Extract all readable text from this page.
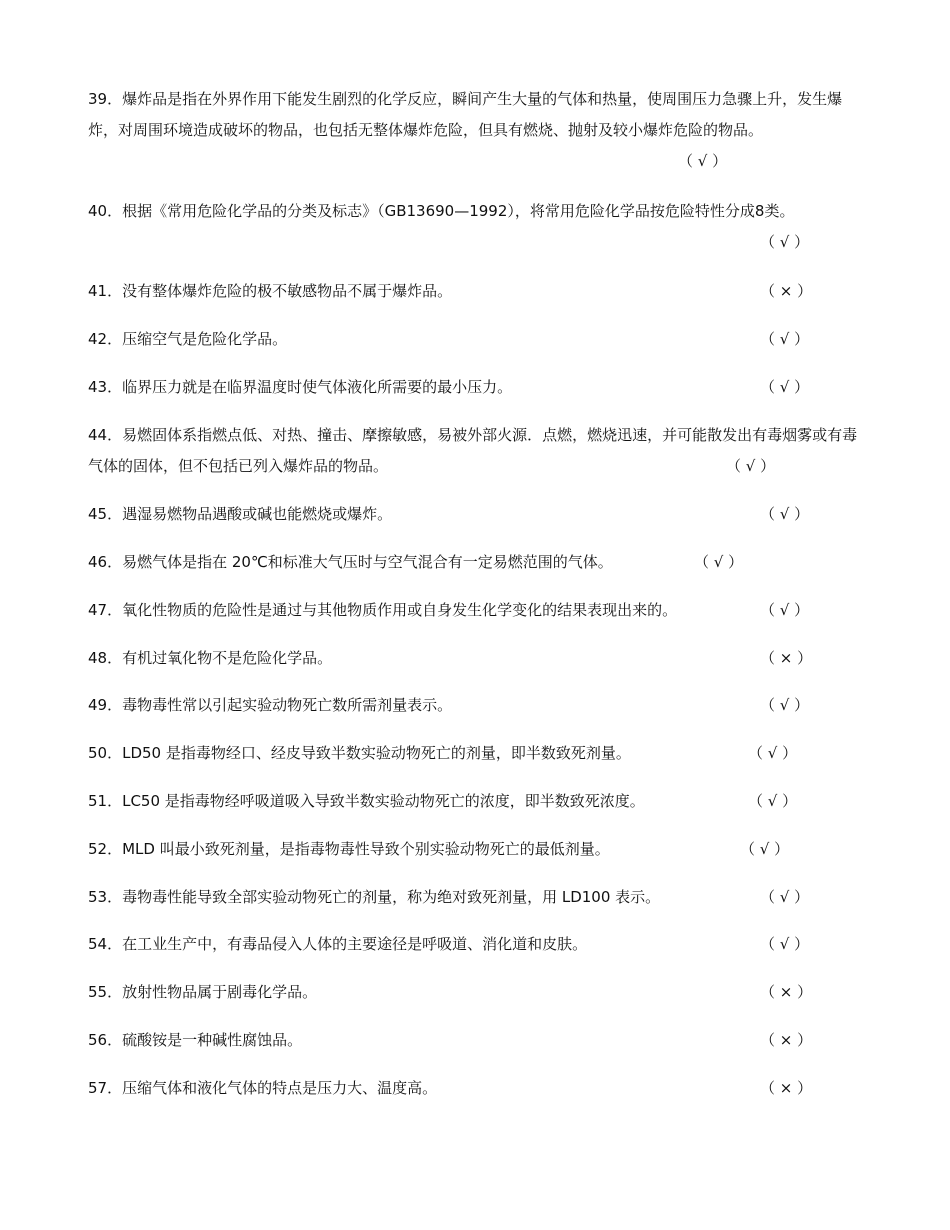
39．爆炸品是指在外界作用下能发生剧烈的化学反应，瞬间产生大量的气体和热量，使周围压力急骤上升，发生爆炸，对周围环境造成破坏的物品，也包括无整体爆炸危险，但具有燃烧、抛射及较小爆炸危险的物品。
（ √ ）
40．根据《常用危险化学品的分类及标志》（GB13690—1992），将常用危险化学品按危险特性分成8类。
（ √ ）
41．没有整体爆炸危险的极不敏感物品不属于爆炸品。	（ × ）
42．压缩空气是危险化学品。	（ √ ）
43．临界压力就是在临界温度时使气体液化所需要的最小压力。	（ √ ）
44．易燃固体系指燃点低、对热、撞击、摩擦敏感，易被外部火源．点燃，燃烧迅速，并可能散发出有毒烟雾或有毒气体的固体，但不包括已列入爆炸品的物品。	（ √ ）
45．遇湿易燃物品遇酸或碱也能燃烧或爆炸。	（ √ ）
46．易燃气体是指在 20℃和标准大气压时与空气混合有一定易燃范围的气体。	（ √ ）
47．氧化性物质的危险性是通过与其他物质作用或自身发生化学变化的结果表现出来的。	（ √ ）
48．有机过氧化物不是危险化学品。	（ × ）
49．毒物毒性常以引起实验动物死亡数所需剂量表示。	（ √ ）
50．LD50 是指毒物经口、经皮导致半数实验动物死亡的剂量，即半数致死剂量。	（ √ ）
51．LC50 是指毒物经呼吸道吸入导致半数实验动物死亡的浓度，即半数致死浓度。	（ √ ）
52．MLD 叫最小致死剂量，是指毒物毒性导致个别实验动物死亡的最低剂量。	（ √ ）
53．毒物毒性能导致全部实验动物死亡的剂量，称为绝对致死剂量，用 LD100 表示。	（ √ ）
54．在工业生产中，有毒品侵入人体的主要途径是呼吸道、消化道和皮肤。	（ √ ）
55．放射性物品属于剧毒化学品。	（ × ）
56．硫酸铵是一种碱性腐蚀品。	（ × ）
57．压缩气体和液化气体的特点是压力大、温度高。	（ × ）
